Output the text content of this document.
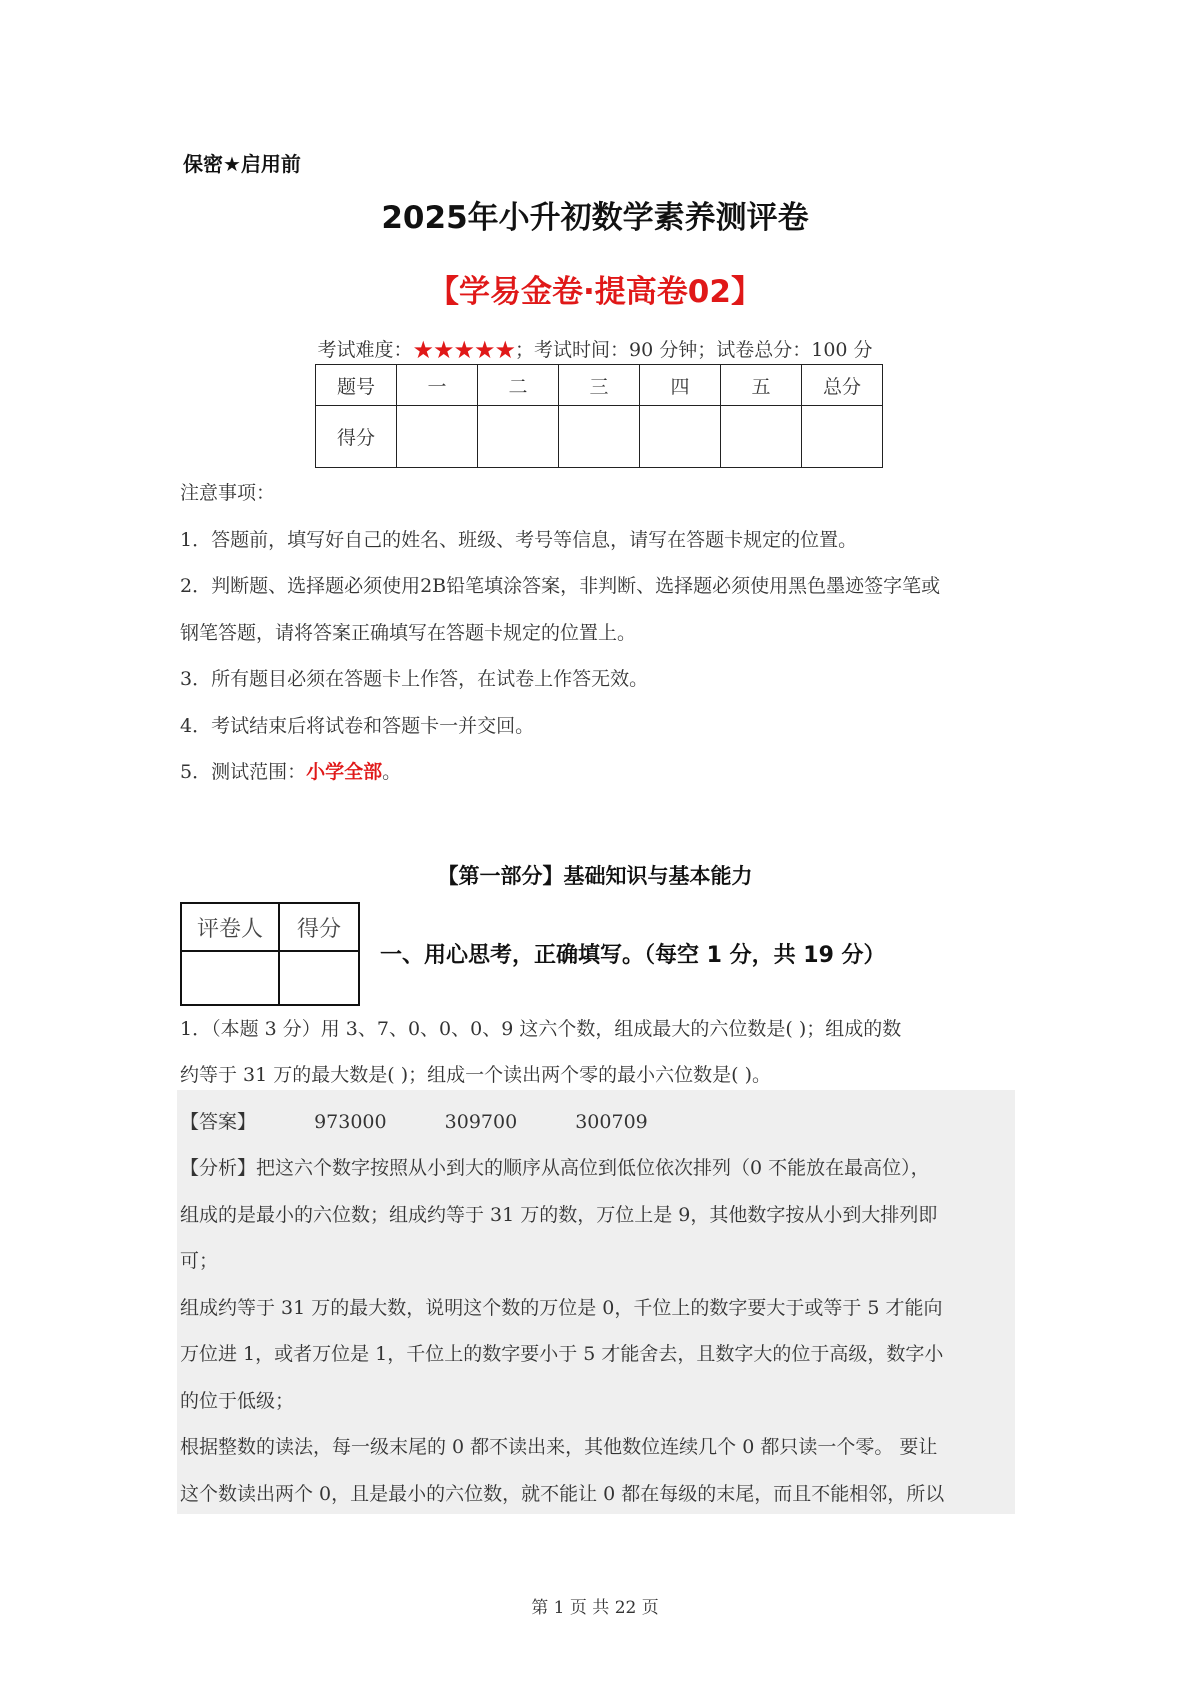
保密★启用前
2025年小升初数学素养测评卷
【学易金卷·提高卷02】
考试难度：★★★★★；考试时间：90 分钟；试卷总分：100 分
题号	一	二	三	四	五	总分
得分						
注意事项：
1．答题前，填写好自己的姓名、班级、考号等信息，请写在答题卡规定的位置。
2．判断题、选择题必须使用2B铅笔填涂答案，非判断、选择题必须使用黑色墨迹签字笔或
钢笔答题，请将答案正确填写在答题卡规定的位置上。
3．所有题目必须在答题卡上作答，在试卷上作答无效。
4．考试结束后将试卷和答题卡一并交回。
5．测试范围：小学全部。
【第一部分】基础知识与基本能力
评卷人	得分

一、用心思考，正确填写。（每空 1 分，共 19 分）
1．（本题 3 分）用 3、7、0、0、0、9 这六个数，组成最大的六位数是( )；组成的数
约等于 31 万的最大数是( )；组成一个读出两个零的最小六位数是( )。
【答案】	973000	309700	300709
【分析】把这六个数字按照从小到大的顺序从高位到低位依次排列（0 不能放在最高位），
组成的是最小的六位数；组成约等于 31 万的数，万位上是 9，其他数字按从小到大排列即
可；
组成约等于 31 万的最大数，说明这个数的万位是 0，千位上的数字要大于或等于 5 才能向
万位进 1，或者万位是 1，千位上的数字要小于 5 才能舍去，且数字大的位于高级，数字小
的位于低级；
根据整数的读法，每一级末尾的 0 都不读出来，其他数位连续几个 0 都只读一个零。 要让
这个数读出两个 0，且是最小的六位数，就不能让 0 都在每级的末尾，而且不能相邻，所以
第 1 页 共 22 页
